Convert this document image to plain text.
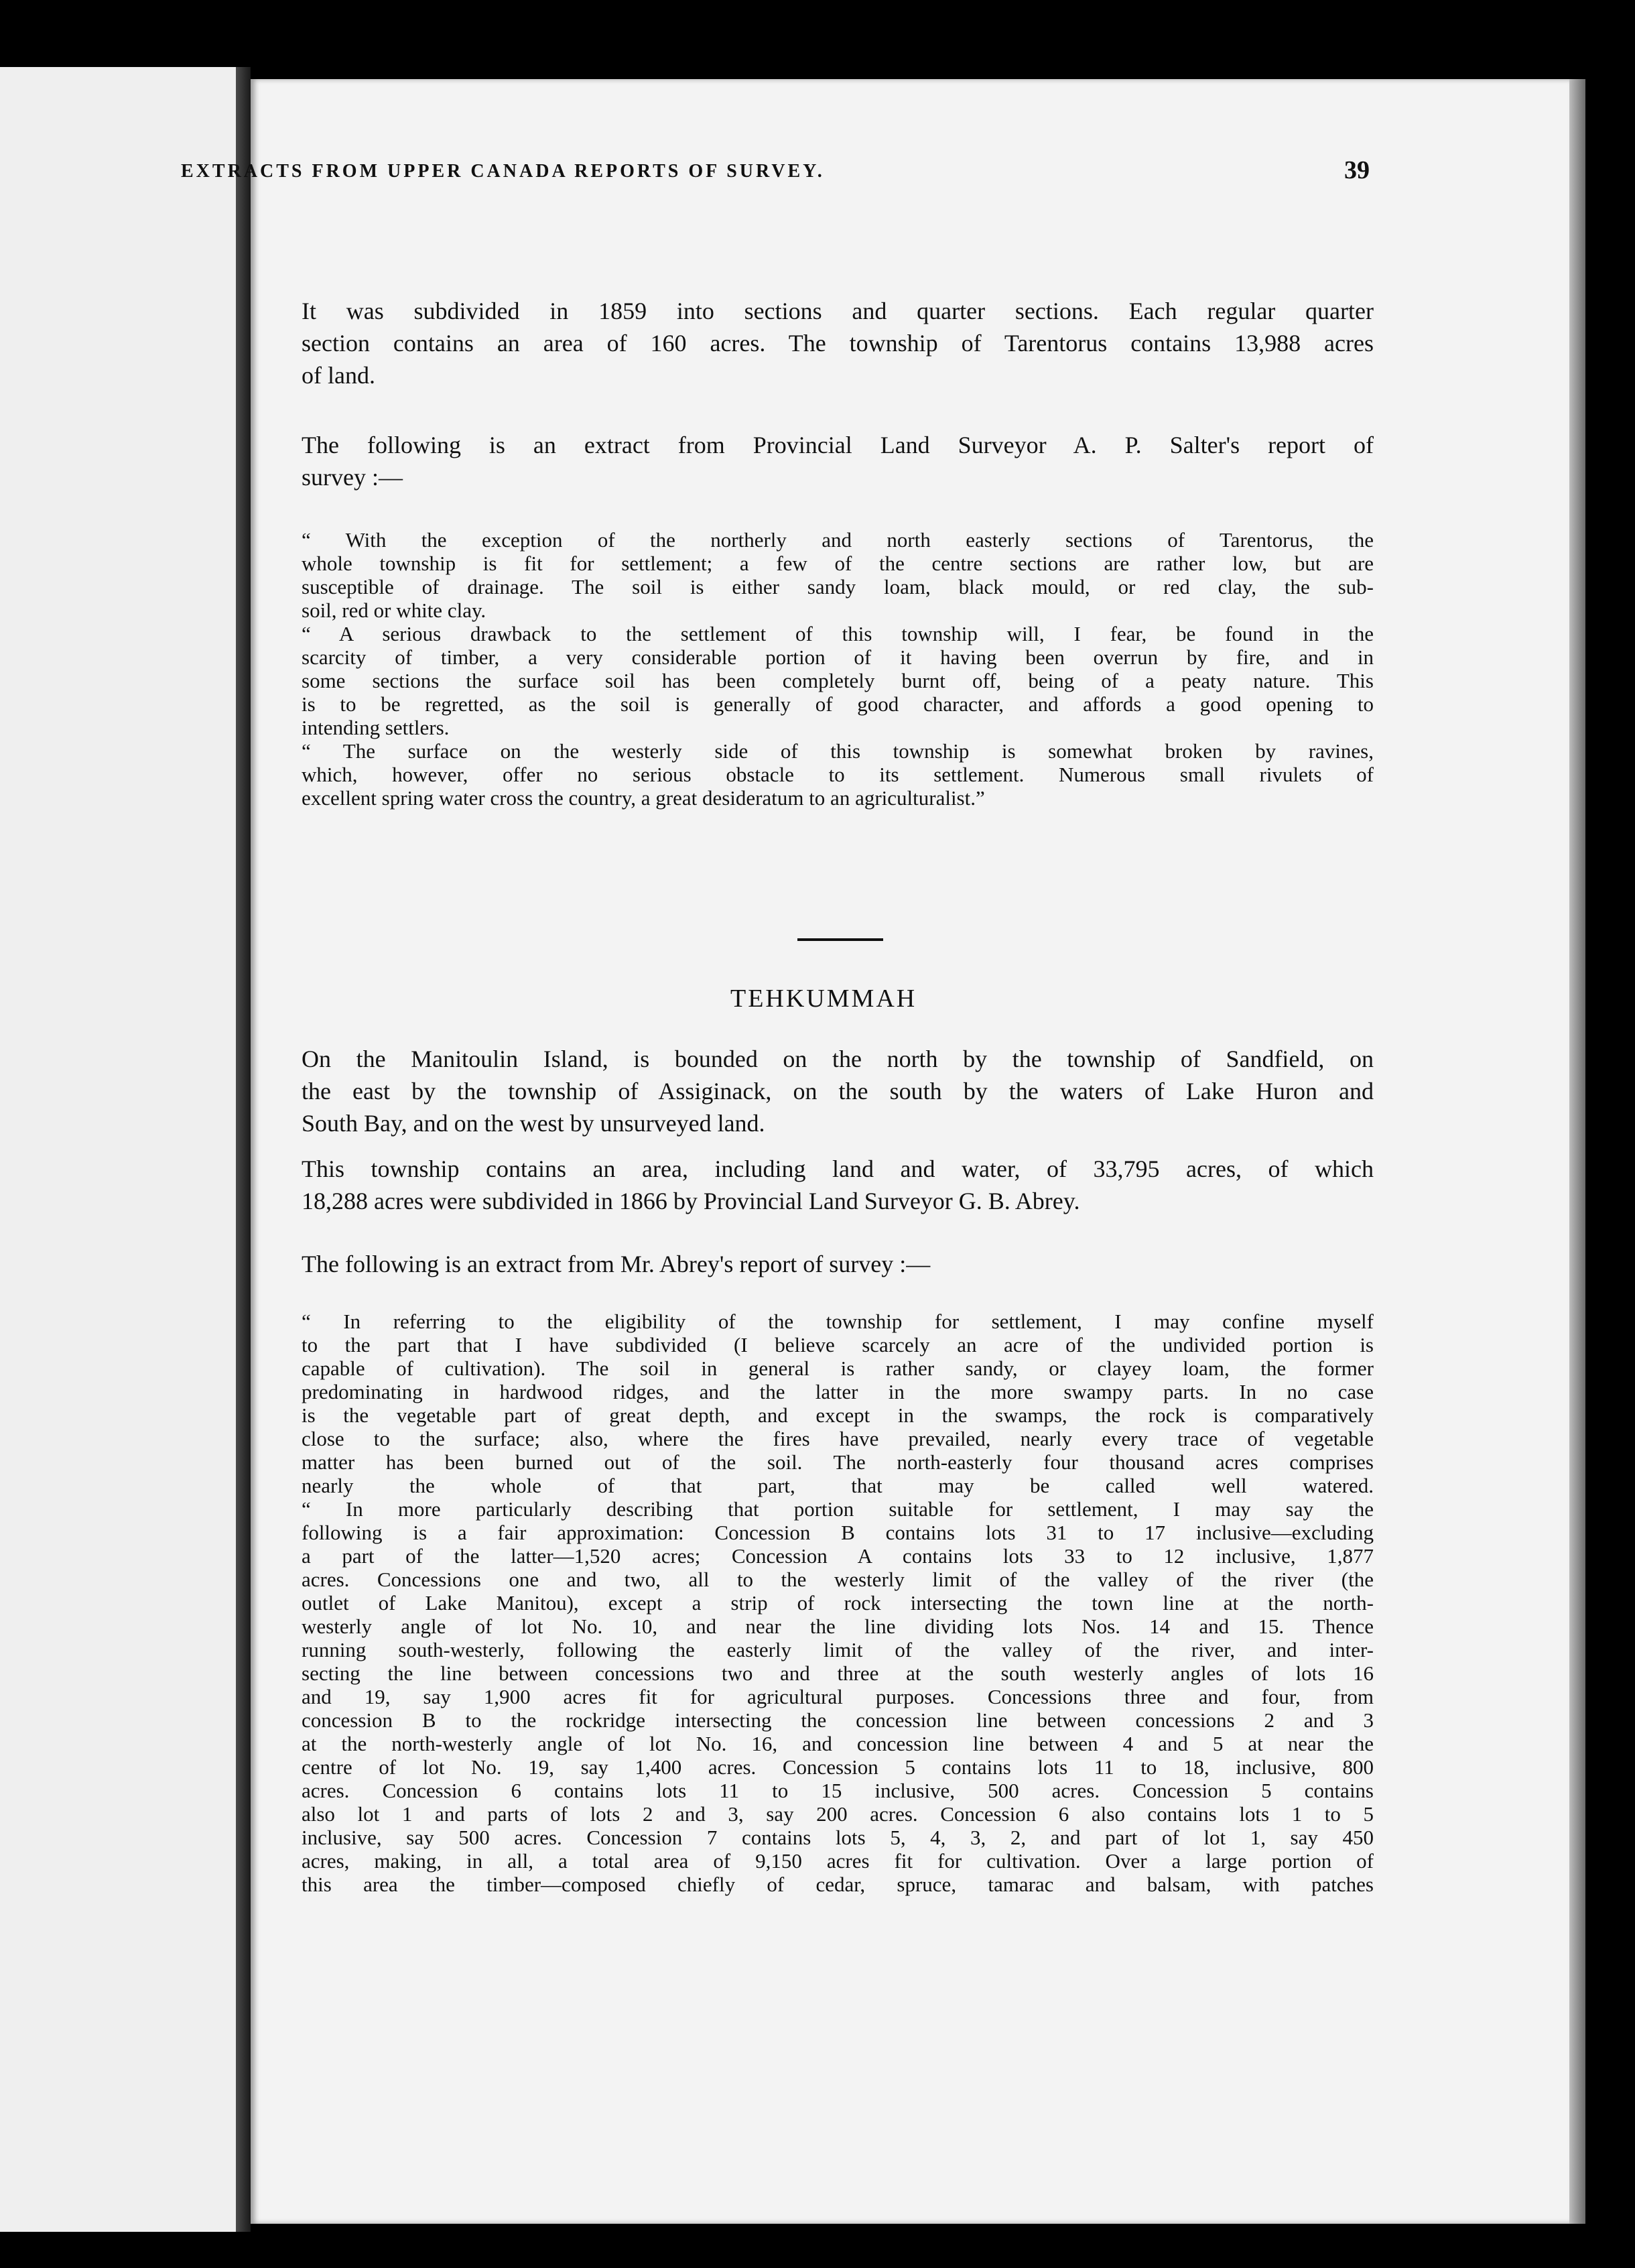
EXTRACTS FROM UPPER CANADA REPORTS OF SURVEY.	39
It was subdivided in 1859 into sections and quarter sections. Each regular quarter
section contains an area of 160 acres. The township of Tarentorus contains 13,988 acres
of land.
The following is an extract from Provincial Land Surveyor A. P. Salter's report of
survey :—
“ With the exception of the northerly and north easterly sections of Tarentorus, the
whole township is fit for settlement; a few of the centre sections are rather low, but are
susceptible of drainage. The soil is either sandy loam, black mould, or red clay, the sub-
soil, red or white clay.
“ A serious drawback to the settlement of this township will, I fear, be found in the
scarcity of timber, a very considerable portion of it having been overrun by fire, and in
some sections the surface soil has been completely burnt off, being of a peaty nature. This
is to be regretted, as the soil is generally of good character, and affords a good opening to
intending settlers.
“ The surface on the westerly side of this township is somewhat broken by ravines,
which, however, offer no serious obstacle to its settlement. Numerous small rivulets of
excellent spring water cross the country, a great desideratum to an agriculturalist.”
TEHKUMMAH
On the Manitoulin Island, is bounded on the north by the township of Sandfield, on
the east by the township of Assiginack, on the south by the waters of Lake Huron and
South Bay, and on the west by unsurveyed land.
This township contains an area, including land and water, of 33,795 acres, of which
18,288 acres were subdivided in 1866 by Provincial Land Surveyor G. B. Abrey.
The following is an extract from Mr. Abrey's report of survey :—
“ In referring to the eligibility of the township for settlement, I may confine myself
to the part that I have subdivided (I believe scarcely an acre of the undivided portion is
capable of cultivation). The soil in general is rather sandy, or clayey loam, the former
predominating in hardwood ridges, and the latter in the more swampy parts. In no case
is the vegetable part of great depth, and except in the swamps, the rock is comparatively
close to the surface; also, where the fires have prevailed, nearly every trace of vegetable
matter has been burned out of the soil. The north-easterly four thousand acres comprises
nearly the whole of that part, that may be called well watered.
“ In more particularly describing that portion suitable for settlement, I may say the
following is a fair approximation: Concession B contains lots 31 to 17 inclusive—excluding
a part of the latter—1,520 acres; Concession A contains lots 33 to 12 inclusive, 1,877
acres. Concessions one and two, all to the westerly limit of the valley of the river (the
outlet of Lake Manitou), except a strip of rock intersecting the town line at the north-
westerly angle of lot No. 10, and near the line dividing lots Nos. 14 and 15. Thence
running south-westerly, following the easterly limit of the valley of the river, and inter-
secting the line between concessions two and three at the south westerly angles of lots 16
and 19, say 1,900 acres fit for agricultural purposes. Concessions three and four, from
concession B to the rockridge intersecting the concession line between concessions 2 and 3
at the north-westerly angle of lot No. 16, and concession line between 4 and 5 at near the
centre of lot No. 19, say 1,400 acres. Concession 5 contains lots 11 to 18, inclusive, 800
acres. Concession 6 contains lots 11 to 15 inclusive, 500 acres. Concession 5 contains
also lot 1 and parts of lots 2 and 3, say 200 acres. Concession 6 also contains lots 1 to 5
inclusive, say 500 acres. Concession 7 contains lots 5, 4, 3, 2, and part of lot 1, say 450
acres, making, in all, a total area of 9,150 acres fit for cultivation. Over a large portion of
this area the timber—composed chiefly of cedar, spruce, tamarac and balsam, with patches
